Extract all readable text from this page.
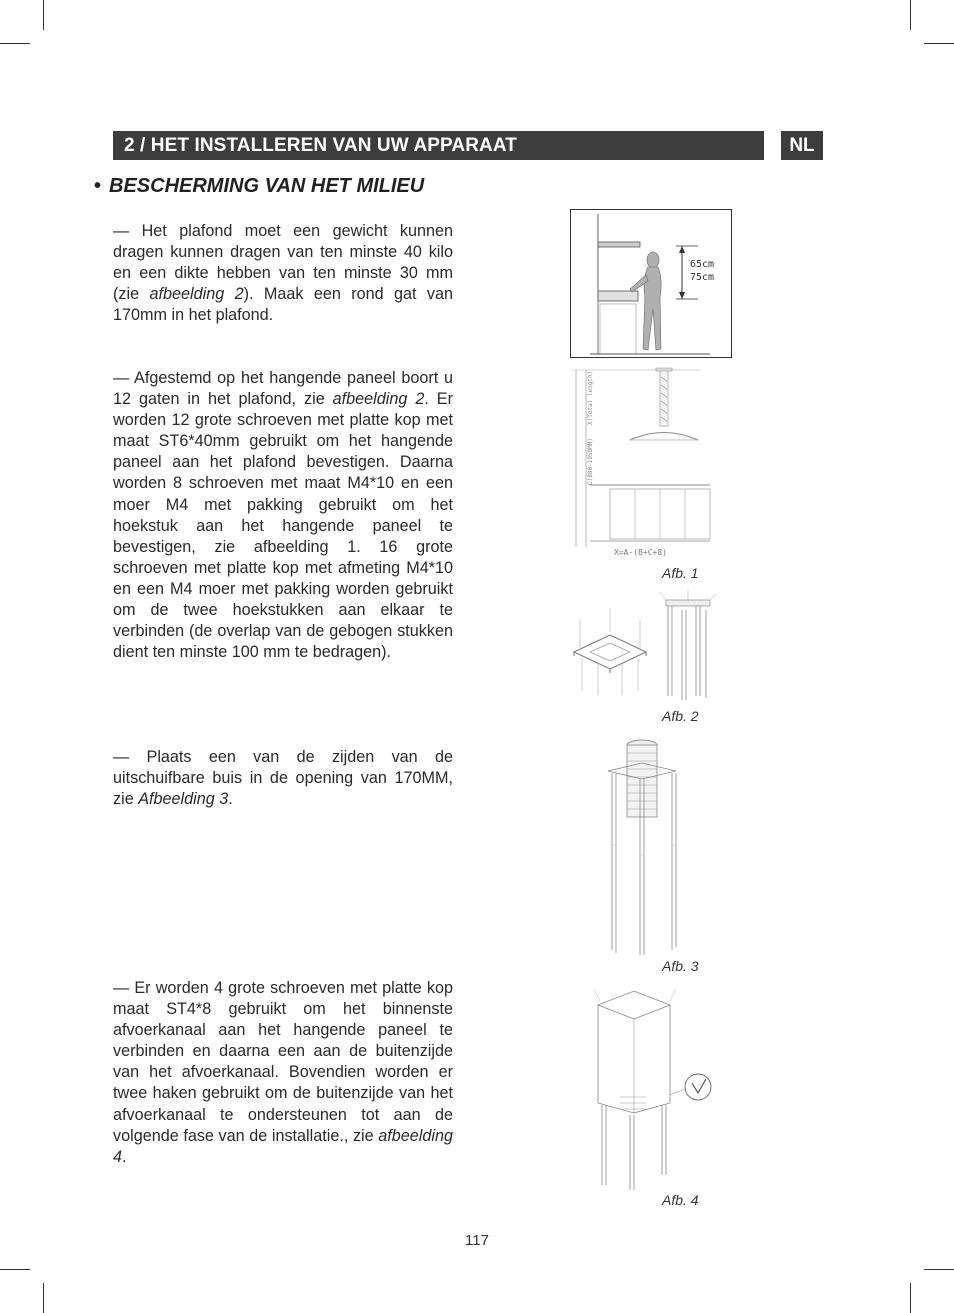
2 / HET INSTALLEREN VAN UW APPARAAT	NL
• BESCHERMING VAN HET MILIEU
— Het plafond moet een gewicht kunnen dragen kunnen dragen van ten minste 40 kilo en een dikte hebben van ten minste 30 mm (zie afbeelding 2). Maak een rond gat van 170mm in het plafond.
— Afgestemd op het hangende paneel boort u 12 gaten in het plafond, zie afbeelding 2. Er worden 12 grote schroeven met platte kop met maat ST6*40mm gebruikt om het hangende paneel aan het plafond bevestigen. Daarna worden 8 schroeven met maat M4*10 en een moer M4 met pakking gebruikt om het hoekstuk aan het hangende paneel te bevestigen, zie afbeelding 1. 16 grote schroeven met platte kop met afmeting M4*10 en een M4 moer met pakking worden gebruikt om de twee hoekstukken aan elkaar te verbinden (de overlap van de gebogen stukken dient ten minste 100 mm te bedragen).
— Plaats een van de zijden van de uitschuifbare buis in de opening van 170MM, zie Afbeelding 3.
— Er worden 4 grote schroeven met platte kop maat ST4*8 gebruikt om het binnenste afvoerkanaal aan het hangende paneel te verbinden en daarna een aan de buitenzijde van het afvoerkanaal. Bovendien worden er twee haken gebruikt om de buitenzijde van het afvoerkanaal te ondersteunen tot aan de volgende fase van de installatie., zie afbeelding 4.
65cm
75cm
X(Total length)
C(800-1050MM)
X=A-(B+C+8)
Afb. 1
Afb. 2
Afb. 3
Afb. 4
117
